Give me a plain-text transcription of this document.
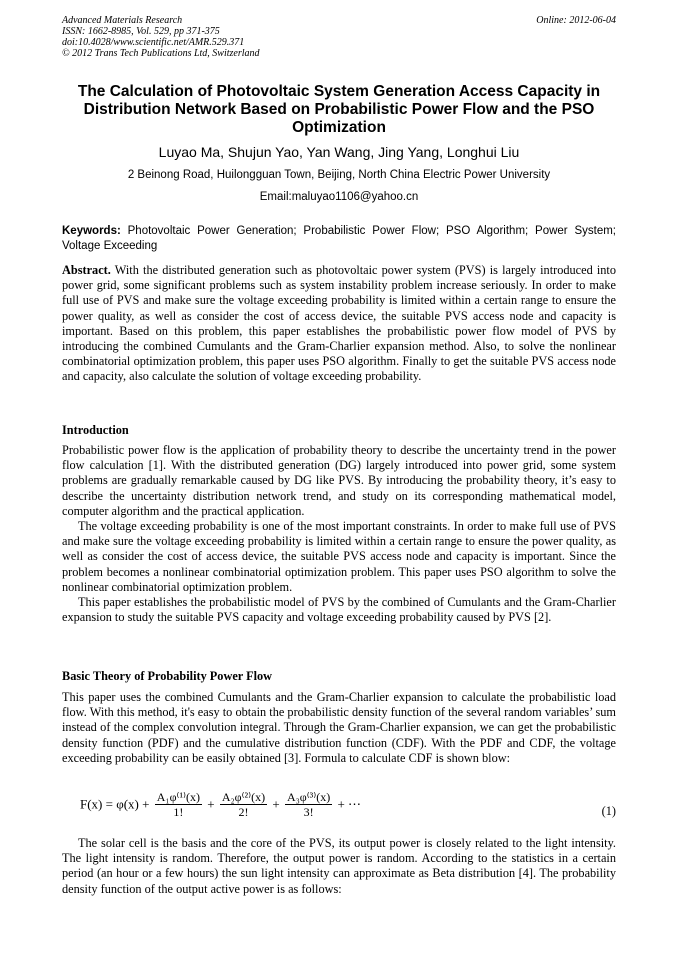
Advanced Materials Research
ISSN: 1662-8985, Vol. 529, pp 371-375
doi:10.4028/www.scientific.net/AMR.529.371
© 2012 Trans Tech Publications Ltd, Switzerland
Online: 2012-06-04
The Calculation of Photovoltaic System Generation Access Capacity in Distribution Network Based on Probabilistic Power Flow and the PSO Optimization
Luyao Ma, Shujun Yao, Yan Wang, Jing Yang, Longhui Liu
2 Beinong Road, Huilongguan Town, Beijing, North China Electric Power University
Email:maluyao1106@yahoo.cn
Keywords: Photovoltaic Power Generation; Probabilistic Power Flow; PSO Algorithm; Power System; Voltage Exceeding

Abstract. With the distributed generation such as photovoltaic power system (PVS) is largely introduced into power grid, some significant problems such as system instability problem increase seriously. In order to make full use of PVS and make sure the voltage exceeding probability is limited within a certain range to ensure the power quality, as well as consider the cost of access device, the suitable PVS access node and capacity is important. Based on this problem, this paper establishes the probabilistic power flow model of PVS by introducing the combined Cumulants and the Gram-Charlier expansion method. Also, to solve the nonlinear combinatorial optimization problem, this paper uses PSO algorithm. Finally to get the suitable PVS access node and capacity, also calculate the solution of voltage exceeding probability.

Introduction

Probabilistic power flow is the application of probability theory to describe the uncertainty trend in the power flow calculation [1]. With the distributed generation (DG) largely introduced into power grid, some system problems are gradually remarkable caused by DG like PVS. By introducing the probability theory, it’s easy to describe the uncertainty distribution network trend, and study on its corresponding mathematical model, computer algorithm and the practical application.

The voltage exceeding probability is one of the most important constraints. In order to make full use of PVS and make sure the voltage exceeding probability is limited within a certain range to ensure the power quality, as well as consider the cost of access device, the suitable PVS access node and capacity is important. Since the problem becomes a nonlinear combinatorial optimization problem. This paper uses PSO algorithm to solve the nonlinear combinatorial optimization problem.

This paper establishes the probabilistic model of PVS by the combined of Cumulants and the Gram-Charlier expansion to study the suitable PVS capacity and voltage exceeding probability caused by PVS [2].

Basic Theory of Probability Power Flow

This paper uses the combined Cumulants and the Gram-Charlier expansion to calculate the probabilistic load flow. With this method, it's easy to obtain the probabilistic density function of the several random variables’ sum instead of the complex convolution integral. Through the Gram-Charlier expansion, we can get the probabilistic density function (PDF) and the cumulative distribution function (CDF). With the PDF and CDF, the voltage exceeding probability can be easily obtained [3]. Formula to calculate CDF is shown blow:

$F(x) = \varphi(x) + \frac{\text{A₁φ⁽¹⁾(x)}}{1!} + \frac{\text{A₂φ⁽²⁾(x)}}{2!} + \frac{\text{A₃φ⁽³⁾(x)}}{3!}$ + ⋯	(1)

The solar cell is the basis and the core of the PVS, its output power is closely related to the light intensity. The light intensity is random. Therefore, the output power is random. According to the statistics in a certain period (an hour or a few hours) the sun light intensity can approximate as Beta distribution [4]. The probability density function of the output active power is as follows:
